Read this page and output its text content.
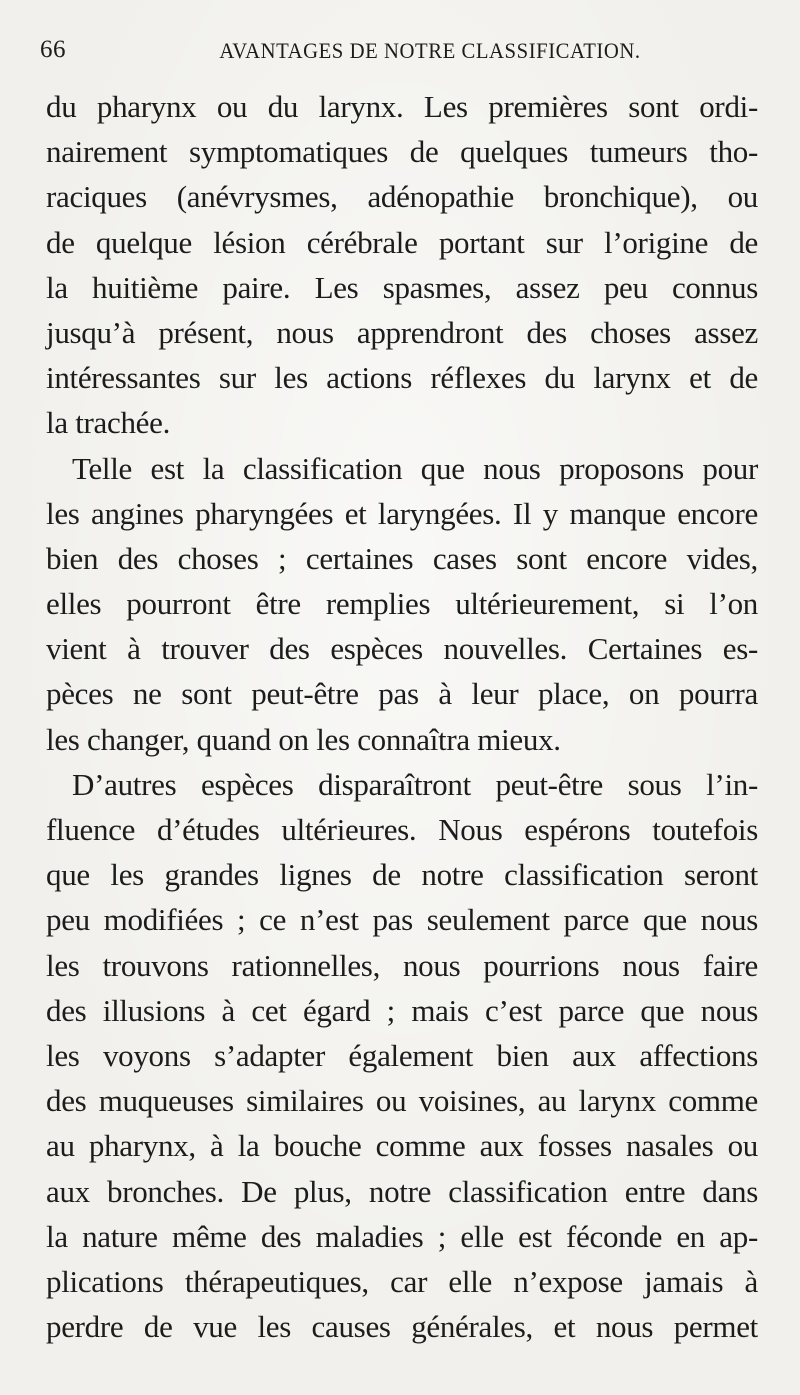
66	AVANTAGES DE NOTRE CLASSIFICATION.
du pharynx ou du larynx. Les premières sont ordi-
nairement symptomatiques de quelques tumeurs tho-
raciques (anévrysmes, adénopathie bronchique), ou
de quelque lésion cérébrale portant sur l’origine de
la huitième paire. Les spasmes, assez peu connus
jusqu’à présent, nous apprendront des choses assez
intéressantes sur les actions réflexes du larynx et de
la trachée.
Telle est la classification que nous proposons pour
les angines pharyngées et laryngées. Il y manque encore
bien des choses ; certaines cases sont encore vides,
elles pourront être remplies ultérieurement, si l’on
vient à trouver des espèces nouvelles. Certaines es-
pèces ne sont peut-être pas à leur place, on pourra
les changer, quand on les connaîtra mieux.
D’autres espèces disparaîtront peut-être sous l’in-
fluence d’études ultérieures. Nous espérons toutefois
que les grandes lignes de notre classification seront
peu modifiées ; ce n’est pas seulement parce que nous
les trouvons rationnelles, nous pourrions nous faire
des illusions à cet égard ; mais c’est parce que nous
les voyons s’adapter également bien aux affections
des muqueuses similaires ou voisines, au larynx comme
au pharynx, à la bouche comme aux fosses nasales ou
aux bronches. De plus, notre classification entre dans
la nature même des maladies ; elle est féconde en ap-
plications thérapeutiques, car elle n’expose jamais à
perdre de vue les causes générales, et nous permet
